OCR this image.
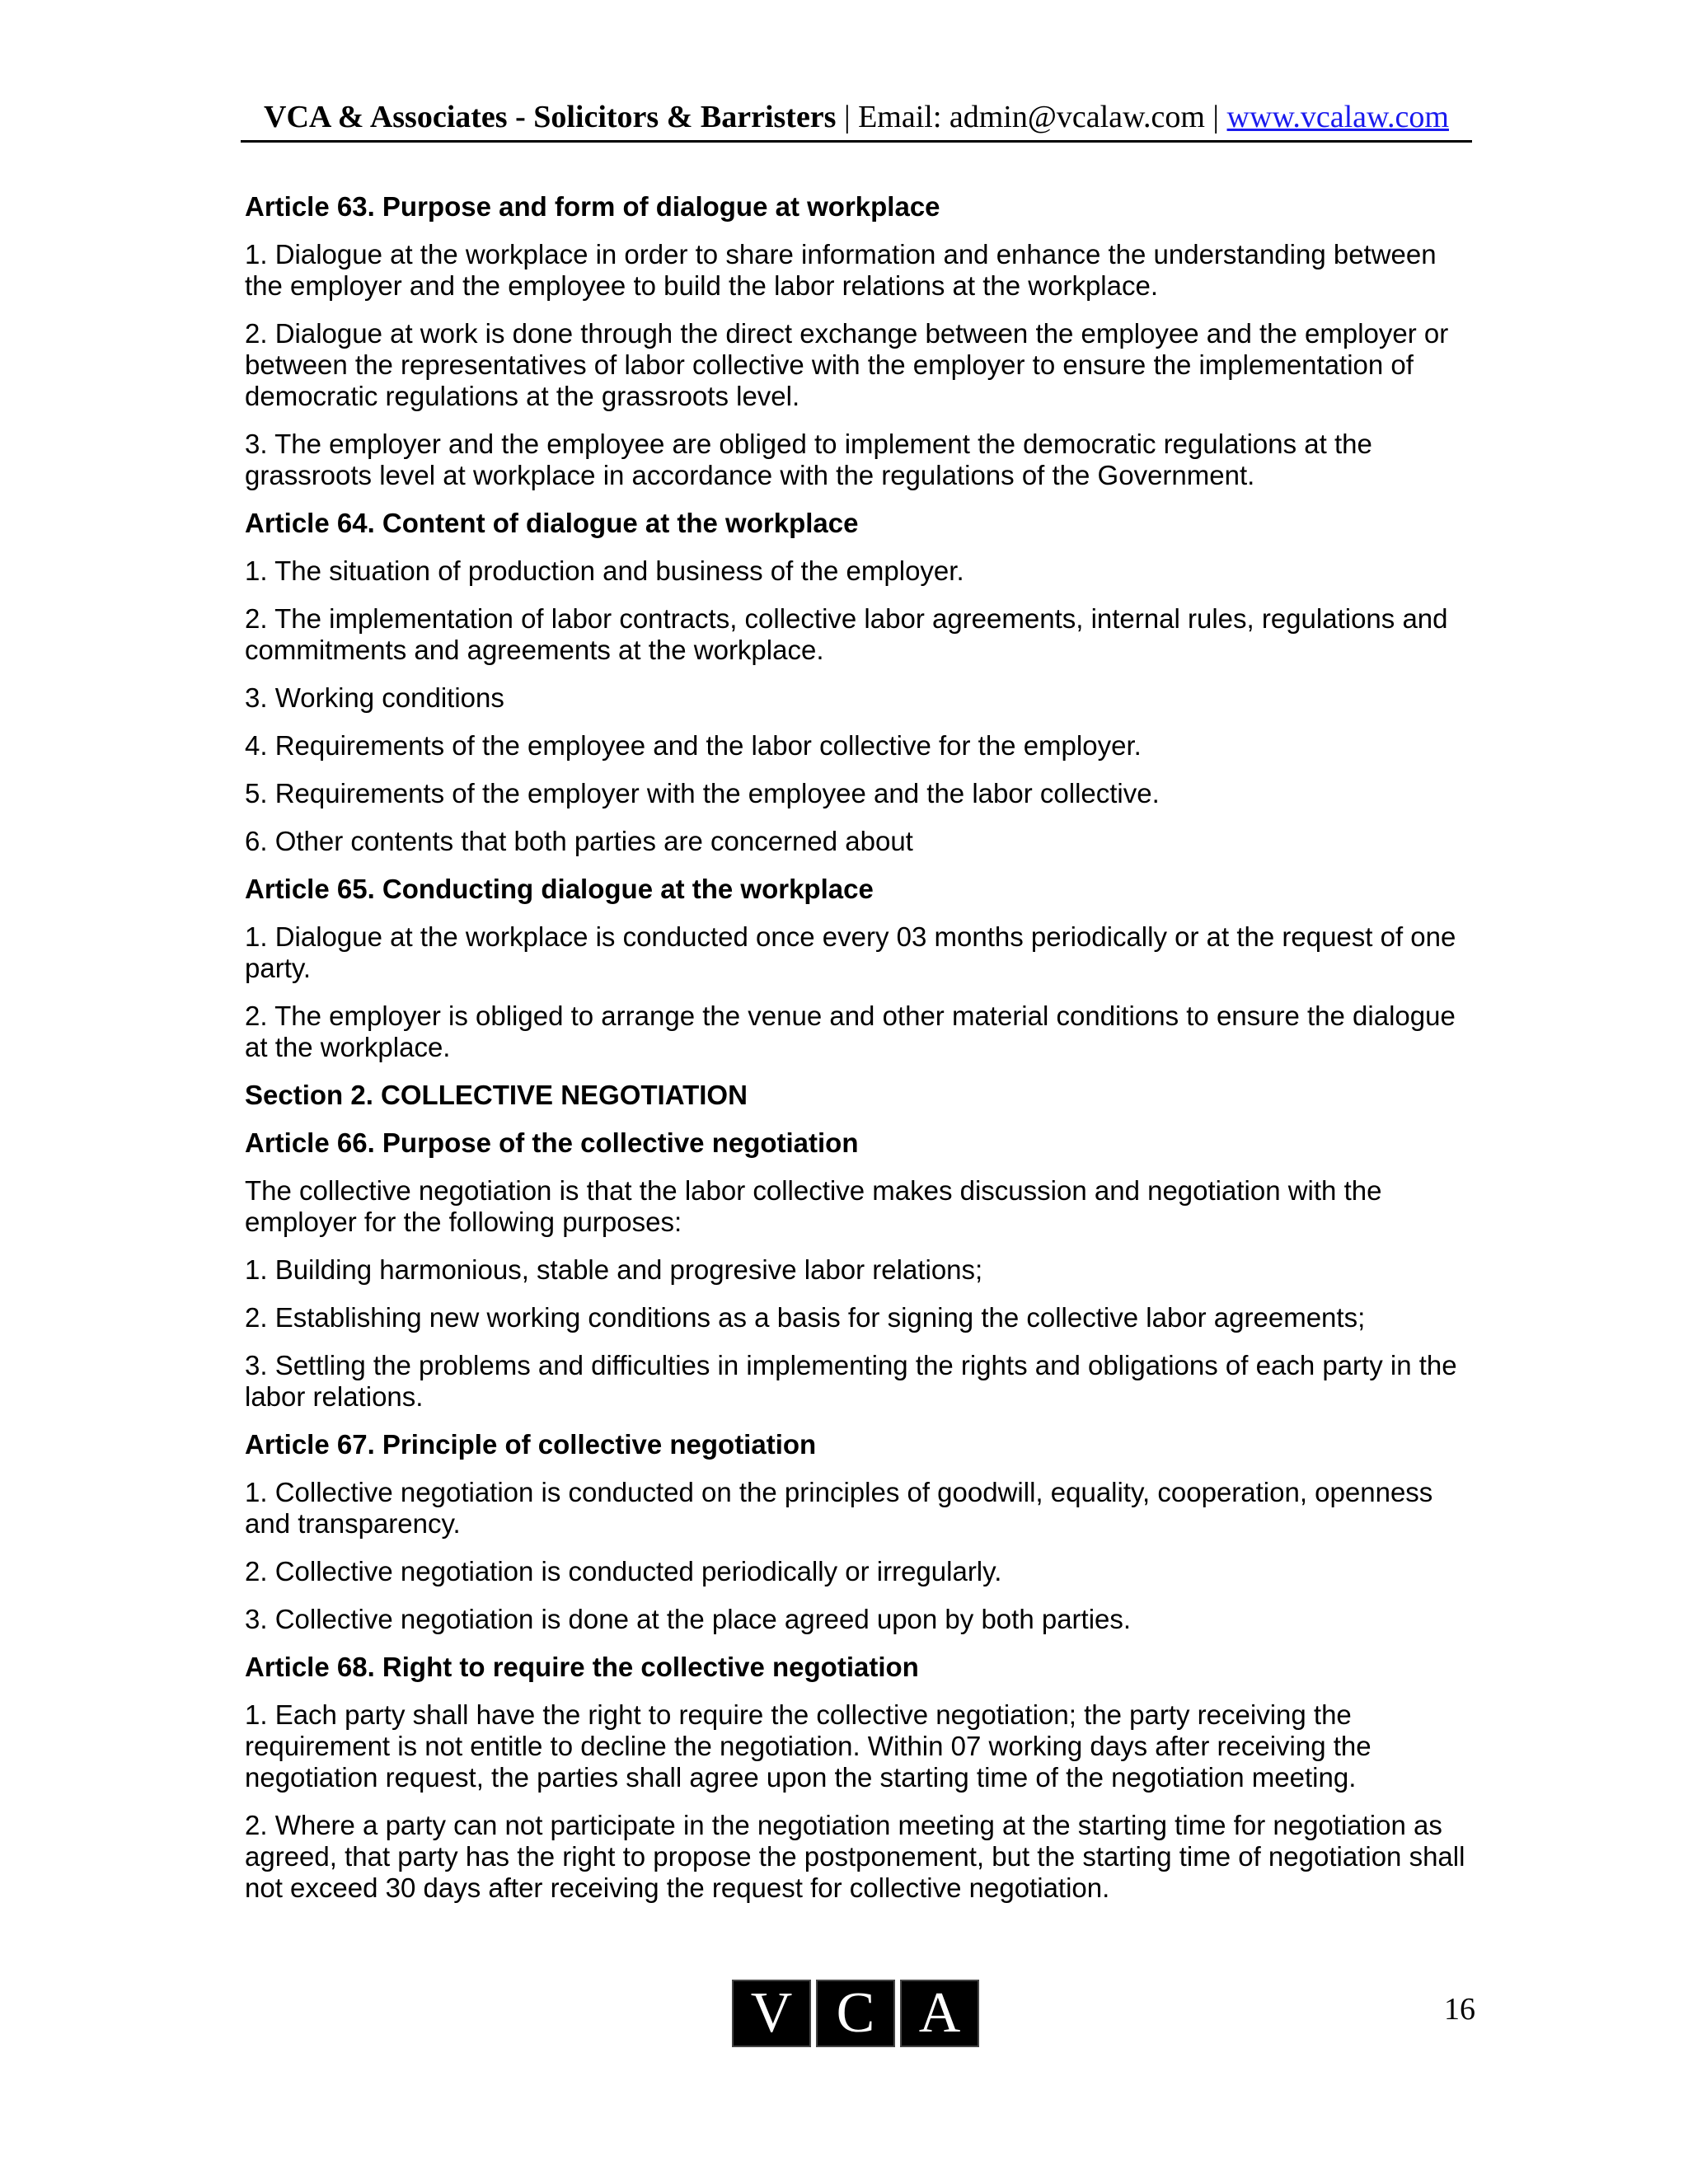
VCA & Associates - Solicitors & Barristers | Email: admin@vcalaw.com | www.vcalaw.com

Article 63. Purpose and form of dialogue at workplace

1. Dialogue at the workplace in order to share information and enhance the understanding between the employer and the employee to build the labor relations at the workplace.

2. Dialogue at work is done through the direct exchange between the employee and the employer or between the representatives of labor collective with the employer to ensure the implementation of democratic regulations at the grassroots level.

3. The employer and the employee are obliged to implement the democratic regulations at the grassroots level at workplace in accordance with the regulations of the Government.

Article 64. Content of dialogue at the workplace

1. The situation of production and business of the employer.

2. The implementation of labor contracts, collective labor agreements, internal rules, regulations and commitments and agreements at the workplace.

3. Working conditions

4. Requirements of the employee and the labor collective for the employer.

5. Requirements of the employer with the employee and the labor collective.

6. Other contents that both parties are concerned about

Article 65. Conducting dialogue at the workplace

1. Dialogue at the workplace is conducted once every 03 months periodically or at the request of one party.

2. The employer is obliged to arrange the venue and other material conditions to ensure the dialogue at the workplace.

Section 2. COLLECTIVE NEGOTIATION

Article 66. Purpose of the collective negotiation

The collective negotiation is that the labor collective makes discussion and negotiation with the employer for the following purposes:

1. Building harmonious, stable and progresive labor relations;

2. Establishing new working conditions as a basis for signing the collective labor agreements;

3. Settling the problems and difficulties in implementing the rights and obligations of each party in the labor relations.

Article 67. Principle of collective negotiation

1. Collective negotiation is conducted on the principles of goodwill, equality, cooperation, openness and transparency.

2. Collective negotiation is conducted periodically or irregularly.

3. Collective negotiation is done at the place agreed upon by both parties.

Article 68. Right to require the collective negotiation

1. Each party shall have the right to require the collective negotiation; the party receiving the requirement is not entitle to decline the negotiation. Within 07 working days after receiving the negotiation request, the parties shall agree upon the starting time of the negotiation meeting.

2. Where a party can not participate in the negotiation meeting at the starting time for negotiation as agreed, that party has the right to propose the postponement, but the starting time of negotiation shall not exceed 30 days after receiving the request for collective negotiation.

V C A	16
